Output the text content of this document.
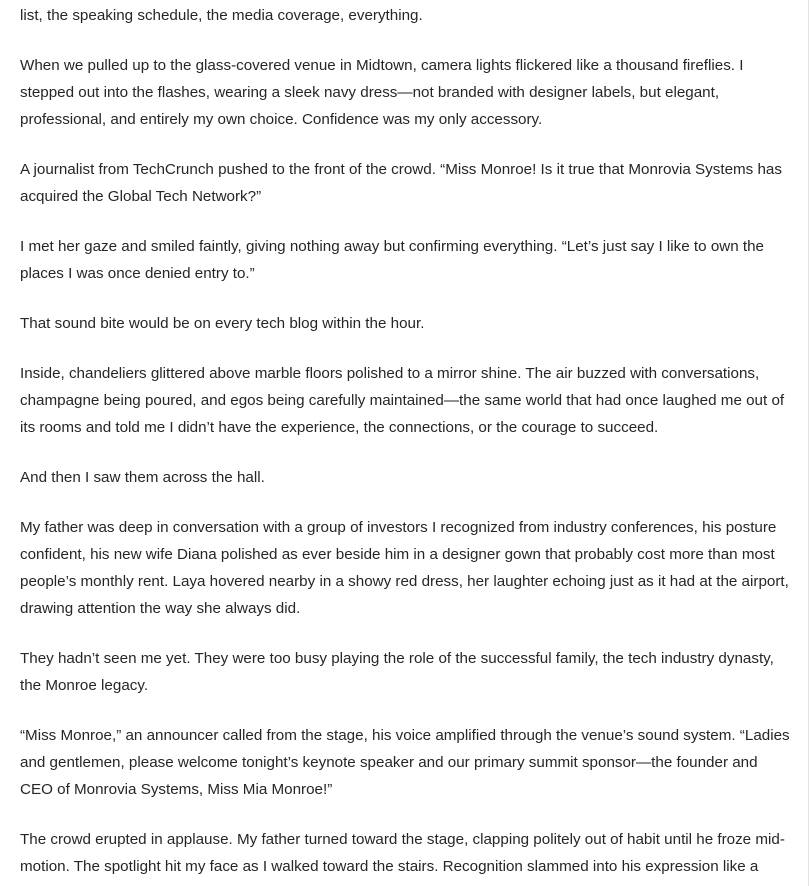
list, the speaking schedule, the media coverage, everything.

When we pulled up to the glass-covered venue in Midtown, camera lights flickered like a thousand fireflies. I stepped out into the flashes, wearing a sleek navy dress—not branded with designer labels, but elegant, professional, and entirely my own choice. Confidence was my only accessory.

A journalist from TechCrunch pushed to the front of the crowd. “Miss Monroe! Is it true that Monrovia Systems has acquired the Global Tech Network?”

I met her gaze and smiled faintly, giving nothing away but confirming everything. “Let’s just say I like to own the places I was once denied entry to.”

That sound bite would be on every tech blog within the hour.

Inside, chandeliers glittered above marble floors polished to a mirror shine. The air buzzed with conversations, champagne being poured, and egos being carefully maintained—the same world that had once laughed me out of its rooms and told me I didn’t have the experience, the connections, or the courage to succeed.

And then I saw them across the hall.

My father was deep in conversation with a group of investors I recognized from industry conferences, his posture confident, his new wife Diana polished as ever beside him in a designer gown that probably cost more than most people’s monthly rent. Laya hovered nearby in a showy red dress, her laughter echoing just as it had at the airport, drawing attention the way she always did.

They hadn’t seen me yet. They were too busy playing the role of the successful family, the tech industry dynasty, the Monroe legacy.

“Miss Monroe,” an announcer called from the stage, his voice amplified through the venue’s sound system. “Ladies and gentlemen, please welcome tonight’s keynote speaker and our primary summit sponsor—the founder and CEO of Monrovia Systems, Miss Mia Monroe!”

The crowd erupted in applause. My father turned toward the stage, clapping politely out of habit until he froze mid-motion. The spotlight hit my face as I walked toward the stairs. Recognition slammed into his expression like a
